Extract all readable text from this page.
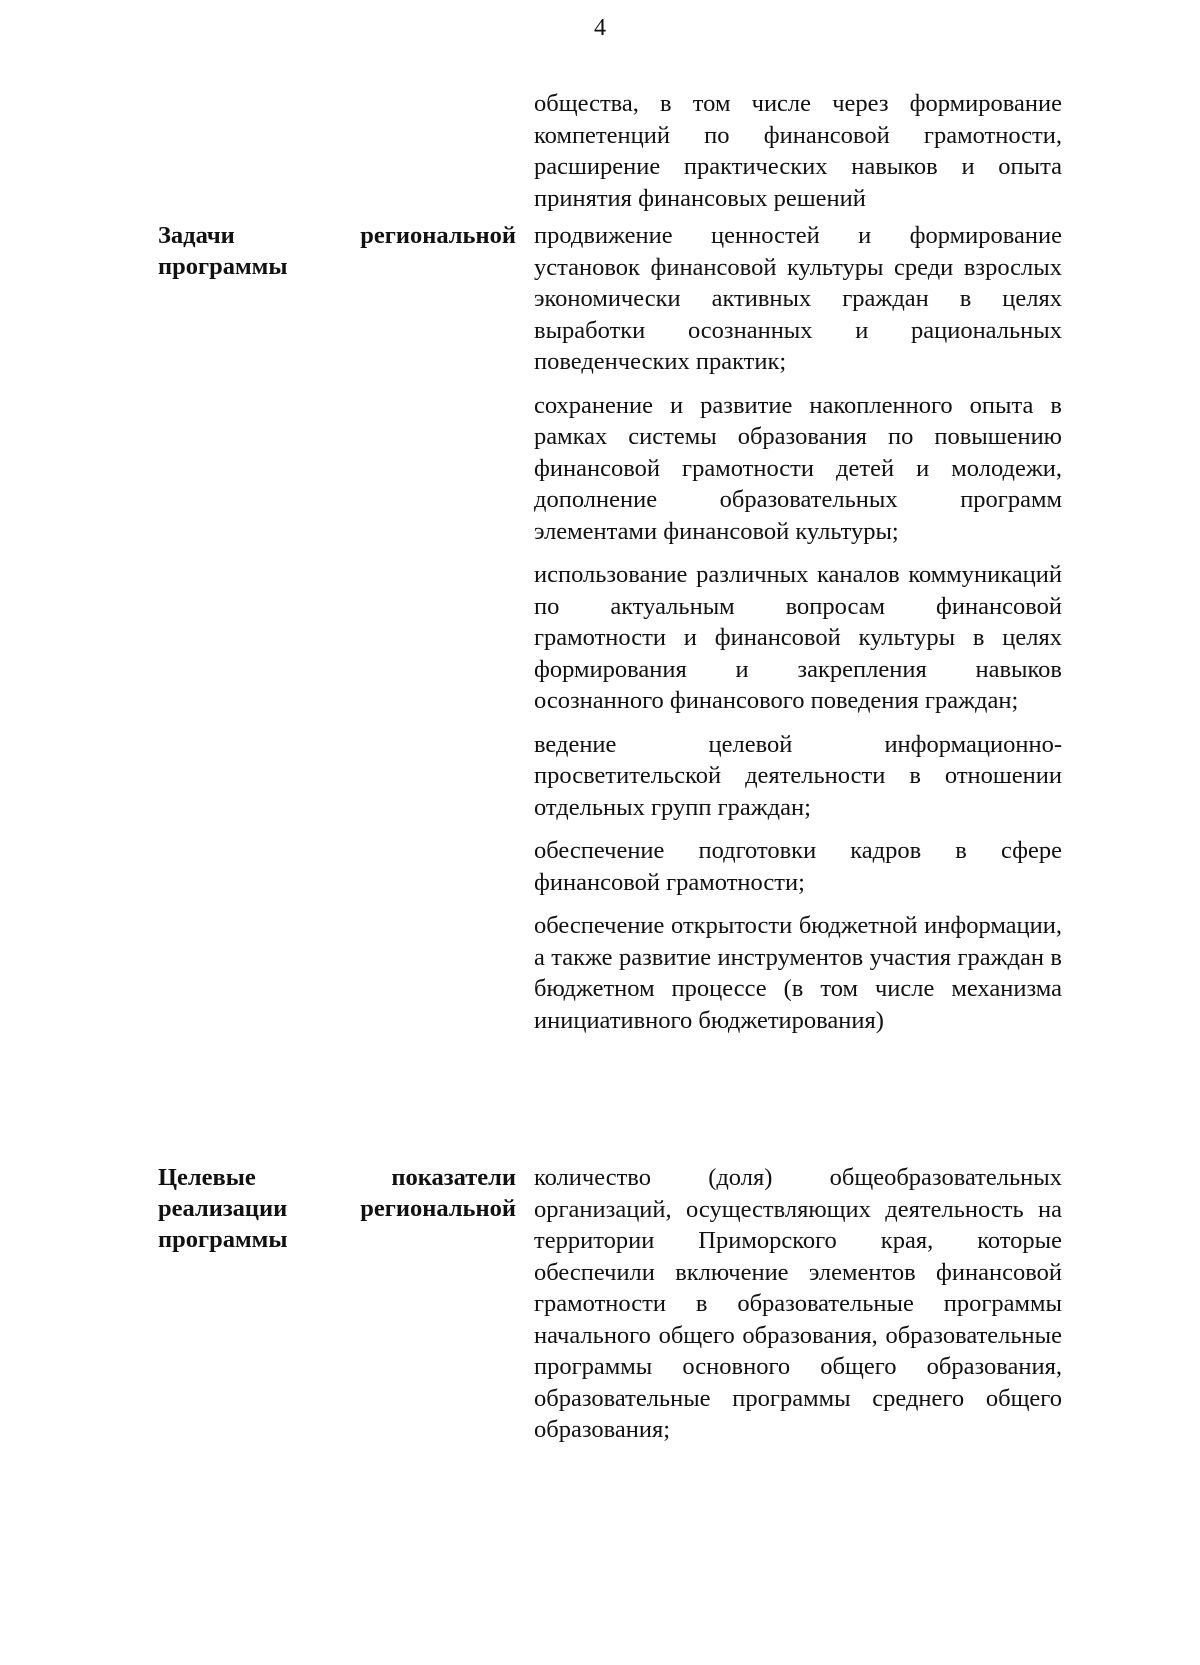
4

общества, в том числе через формирование компетенций по финансовой грамотности, расширение практических навыков и опыта принятия финансовых решений

Задачи региональной
программы

продвижение ценностей и формирование установок финансовой культуры среди взрослых экономически активных граждан в целях выработки осознанных и рациональных поведенческих практик;

сохранение и развитие накопленного опыта в рамках системы образования по повышению финансовой грамотности детей и молодежи, дополнение образовательных программ элементами финансовой культуры;

использование различных каналов коммуникаций по актуальным вопросам финансовой грамотности и финансовой культуры в целях формирования и закрепления навыков осознанного финансового поведения граждан;

ведение целевой информационно-просветительской деятельности в отношении отдельных групп граждан;

обеспечение подготовки кадров в сфере финансовой грамотности;

обеспечение открытости бюджетной информации, а также развитие инструментов участия граждан в бюджетном процессе (в том числе механизма инициативного бюджетирования)

Целевые показатели
реализации региональной
программы

количество (доля) общеобразовательных организаций, осуществляющих деятельность на территории Приморского края, которые обеспечили включение элементов финансовой грамотности в образовательные программы начального общего образования, образовательные программы основного общего образования, образовательные программы среднего общего образования;
